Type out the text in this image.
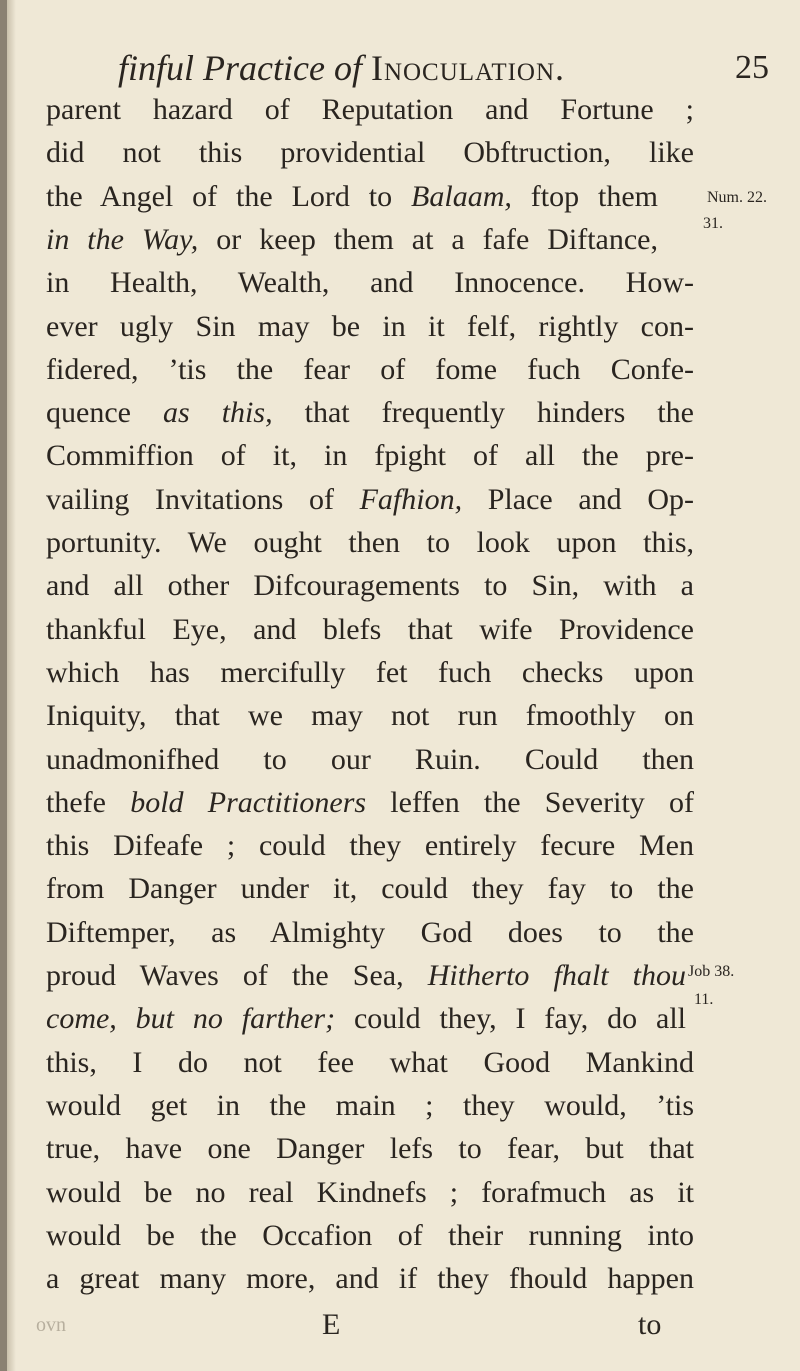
finful Practice of Inoculation.	25
parent hazard of Reputation and Fortune ;
did not this providential Obftruction, like
the Angel of the Lord to Balaam, ftop them
in the Way, or keep them at a fafe Diftance,
in Health, Wealth, and Innocence. How-
ever ugly Sin may be in it felf, rightly con-
fidered, ’tis the fear of fome fuch Confe-
quence as this, that frequently hinders the
Commiffion of it, in fpight of all the pre-
vailing Invitations of Fafhion, Place and Op-
portunity. We ought then to look upon this,
and all other Difcouragements to Sin, with a
thankful Eye, and blefs that wife Providence
which has mercifully fet fuch checks upon
Iniquity, that we may not run fmoothly on
unadmonifhed to our Ruin. Could then
thefe bold Practitioners leffen the Severity of
this Difeafe ; could they entirely fecure Men
from Danger under it, could they fay to the
Diftemper, as Almighty God does to the
proud Waves of the Sea, Hitherto fhalt thou
come, but no farther; could they, I fay, do all
this, I do not fee what Good Mankind
would get in the main ; they would, ’tis
true, have one Danger lefs to fear, but that
would be no real Kindnefs ; forafmuch as it
would be the Occafion of their running into
a great many more, and if they fhould happen
Num. 22.
31.
Job 38.
11.
ovn	E	to
